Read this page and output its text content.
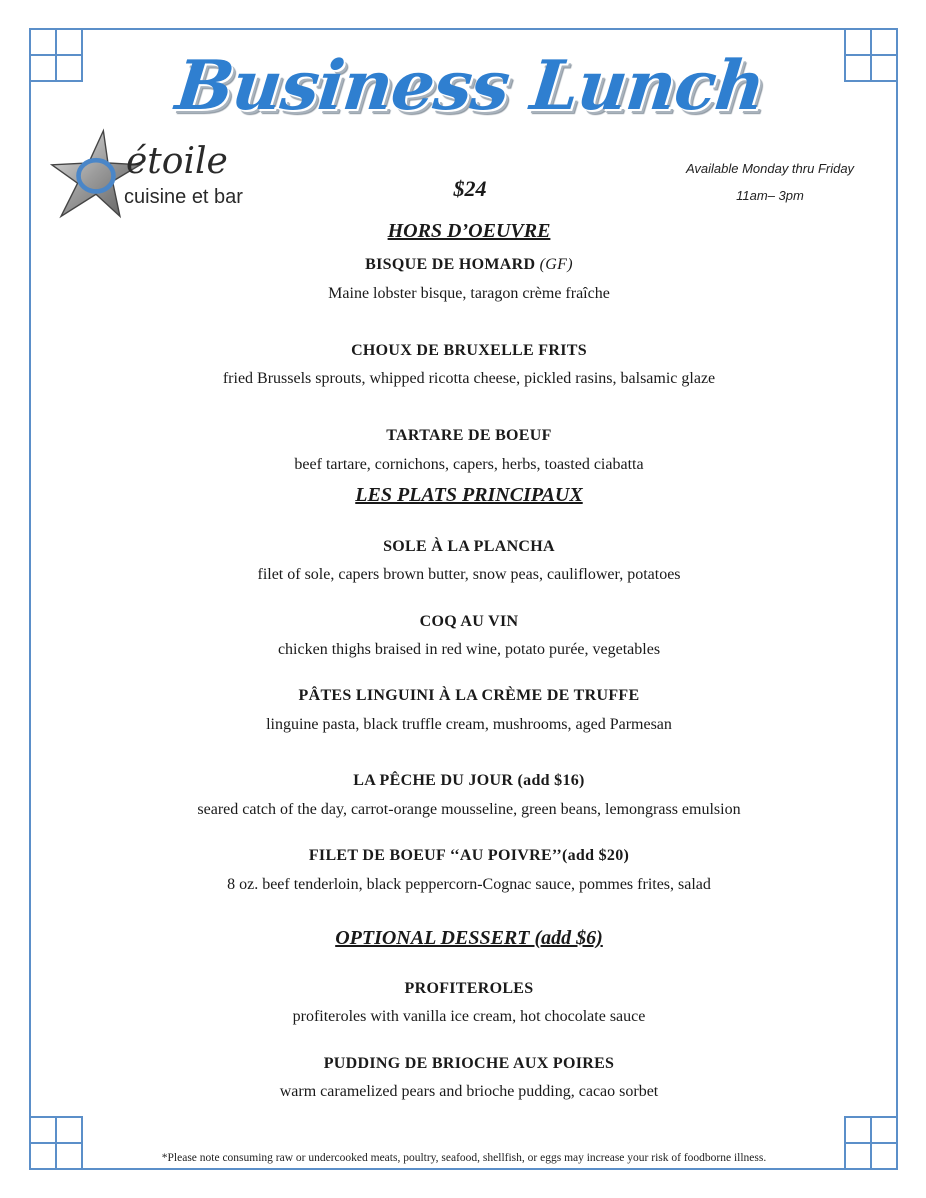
Business Lunch
étoile
cuisine et bar	$24
Available Monday thru Friday
11am– 3pm
HORS D’OEUVRE
BISQUE DE HOMARD (GF)
Maine lobster bisque, taragon crème fraîche
CHOUX DE BRUXELLE FRITS
fried Brussels sprouts, whipped ricotta cheese, pickled rasins, balsamic glaze
TARTARE DE BOEUF
beef tartare, cornichons, capers, herbs, toasted ciabatta
LES PLATS PRINCIPAUX
SOLE À LA PLANCHA
filet of sole, capers brown butter, snow peas, cauliflower, potatoes
COQ AU VIN
chicken thighs braised in red wine, potato purée, vegetables
PÂTES LINGUINI À LA CRÈME DE TRUFFE
linguine pasta, black truffle cream, mushrooms, aged Parmesan
LA PÊCHE DU JOUR (add $16)
seared catch of the day, carrot-orange mousseline, green beans, lemongrass emulsion
FILET DE BOEUF ‘‘AU POIVRE’’(add $20)
8 oz. beef tenderloin, black peppercorn-Cognac sauce, pommes frites, salad
OPTIONAL DESSERT (add $6)
PROFITEROLES
profiteroles with vanilla ice cream, hot chocolate sauce
PUDDING DE BRIOCHE AUX POIRES
warm caramelized pears and brioche pudding, cacao sorbet
*Please note consuming raw or undercooked meats, poultry, seafood, shellfish, or eggs may increase your risk of foodborne illness.
